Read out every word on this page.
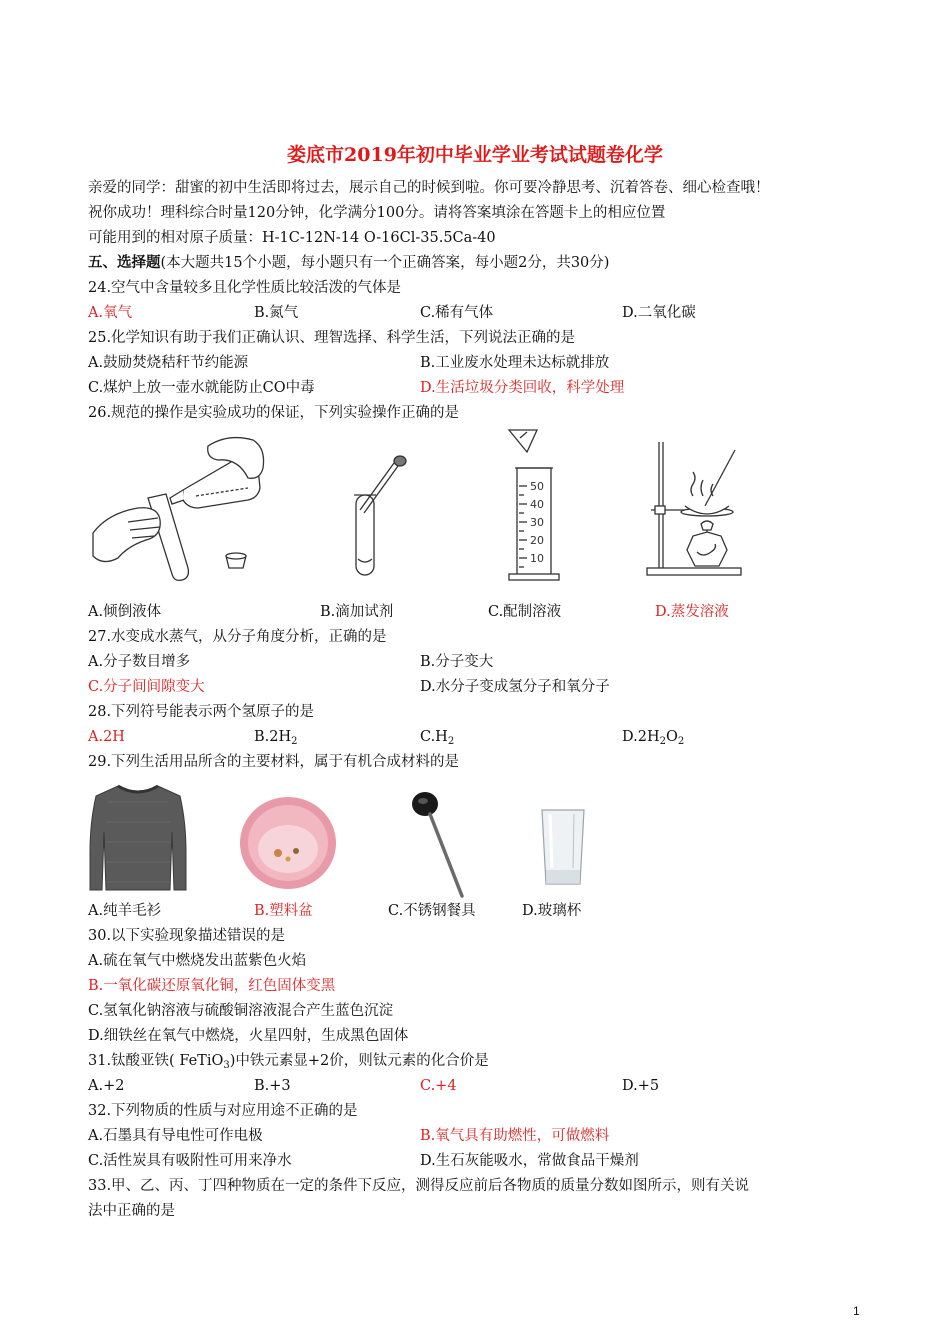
娄底市2019年初中毕业学业考试试题卷化学
亲爱的同学：甜蜜的初中生活即将过去，展示自己的时候到啦。你可要冷静思考、沉着答卷、细心检查哦！
祝你成功！理科综合时量120分钟，化学满分100分。请将答案填涂在答题卡上的相应位置
可能用到的相对原子质量：H-1C-12N-14 O-16Cl-35.5Ca-40
五、选择题(本大题共15个小题，每小题只有一个正确答案，每小题2分，共30分)
24.空气中含量较多且化学性质比较活泼的气体是
A.氧气	B.氮气	C.稀有气体	D.二氧化碳
25.化学知识有助于我们正确认识、理智选择、科学生活，下列说法正确的是
A.鼓励焚烧秸秆节约能源	B.工业废水处理未达标就排放
C.煤炉上放一壶水就能防止CO中毒	D.生活垃圾分类回收，科学处理
26.规范的操作是实验成功的保证，下列实验操作正确的是
50
40
30
20
10
A.倾倒液体	B.滴加试剂	C.配制溶液	D.蒸发溶液
27.水变成水蒸气，从分子角度分析，正确的是
A.分子数目增多	B.分子变大
C.分子间间隙变大	D.水分子变成氢分子和氧分子
28.下列符号能表示两个氢原子的是
A.2H	$B.2H_2$	$C.H_2$	$D.2H_2O_2$
29.下列生活用品所含的主要材料，属于有机合成材料的是
A.纯羊毛衫	B.塑料盆	C.不锈钢餐具	D.玻璃杯
30.以下实验现象描述错误的是
A.硫在氧气中燃烧发出蓝紫色火焰
B.一氧化碳还原氧化铜，红色固体变黑
C.氢氧化钠溶液与硫酸铜溶液混合产生蓝色沉淀
D.细铁丝在氧气中燃烧，火星四射，生成黑色固体
31.钛酸亚铁( FeTiO$_3$)中铁元素显+2价，则钛元素的化合价是
A.+2	B.+3	C.+4	D.+5
32.下列物质的性质与对应用途不正确的是
A.石墨具有导电性可作电极	B.氧气具有助燃性，可做燃料
C.活性炭具有吸附性可用来净水	D.生石灰能吸水，常做食品干燥剂
33.甲、乙、丙、丁四种物质在一定的条件下反应，测得反应前后各物质的质量分数如图所示，则有关说
法中正确的是
1
